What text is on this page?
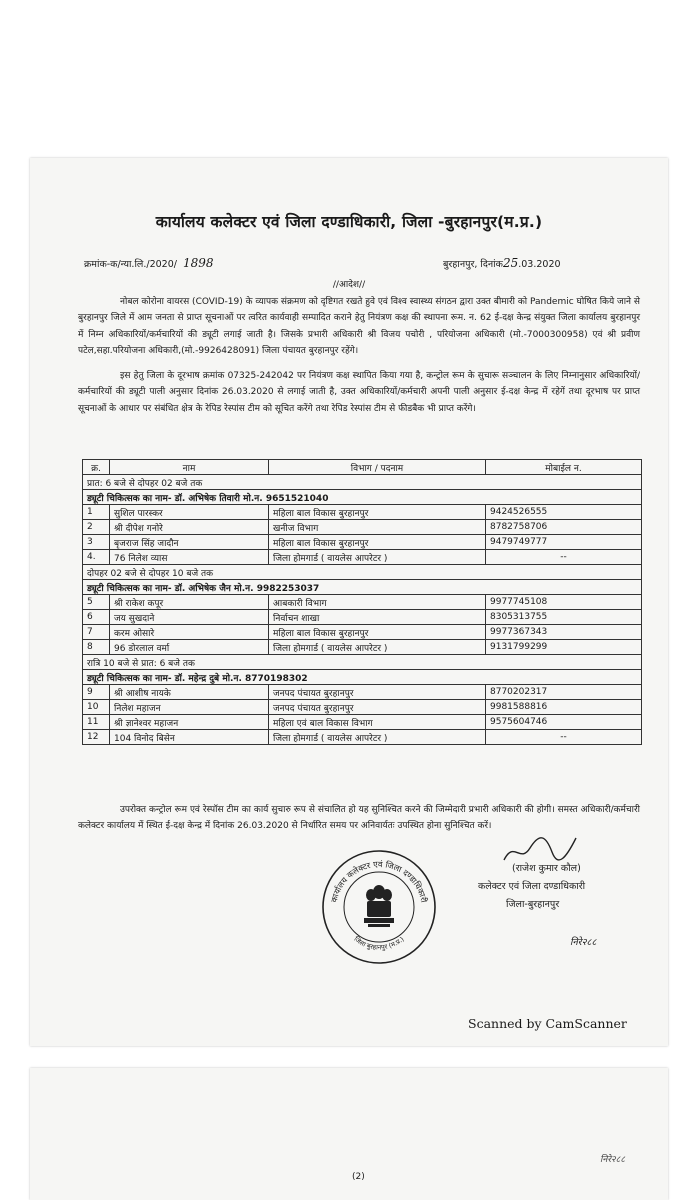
कार्यालय कलेक्टर एवं जिला दण्डाधिकारी, जिला -बुरहानपुर(म.प्र.)
क्रमांक-क/न्या.लि./2020/ 1898	बुरहानपुर, दिनांक25.03.2020
//आदेश//
नोबल कोरोना वायरस (COVID-19) के व्यापक संक्रमण को दृष्टिगत रखते हुवे एवं विश्व स्वास्थ्य संगठन द्वारा उक्त बीमारी को Pandemic घोषित किये जाने से बुरहानपुर जिले में आम जनता से प्राप्त सूचनाओं पर त्वरित कार्यवाही सम्पादित कराने हेतु नियंत्रण कक्ष की स्थापना रूम. न. 62 ई-दक्ष केन्द्र संयुक्त जिला कार्यालय बुरहानपुर में निम्न अधिकारियों/कर्मचारियों की ड्यूटी लगाई जाती है। जिसके प्रभारी अधिकारी श्री विजय पचोरी , परियोजना अधिकारी (मो.-7000300958) एवं श्री प्रवीण पटेल,सहा.परियोजना अधिकारी,(मो.-9926428091) जिला पंचायत बुरहानपुर रहेंगे।
इस हेतु जिला के दूरभाष क्रमांक 07325-242042 पर नियंत्रण कक्ष स्थापित किया गया है, कन्ट्रोल रूम के सुचारू सञ्चालन के लिए निम्नानुसार अधिकारियों/कर्मचारियों की ड्यूटी पाली अनुसार दिनांक 26.03.2020 से लगाई जाती है, उक्त अधिकारियों/कर्मचारी अपनी पाली अनुसार ई-दक्ष केन्द्र में रहेगें तथा दूरभाष पर प्राप्त सूचनाओं के आधार पर संबंधित क्षेत्र के रेपिड रेस्पांस टीम को सूचित करेंगे तथा रेपिड रेस्पांस टीम से फीडबैक भी प्राप्त करेंगे।
क्र.	नाम	विभाग / पदनाम	मोबाईल न.
प्रात: 6 बजे से दोपहर 02 बजे तक			
ड्यूटी चिकित्सक का नाम- डॉ. अभिषेक तिवारी मो.न. 9651521040			
1	सुशिल पारस्कर	महिला बाल विकास बुरहानपुर	9424526555
2	श्री दीपेश गनोरे	खनीज विभाग	8782758706
3	बृजराज सिंह जादौन	महिला बाल विकास बुरहानपुर	9479749777
4.	76 निलेश व्यास	जिला होमगार्ड ( वायलेस आपरेटर )	--
दोपहर 02 बजे से दोपहर 10 बजे तक			
ड्यूटी चिकित्सक का नाम- डॉ. अभिषेक जैन मो.न. 9982253037			
5	श्री राकेश कपूर	आबकारी विभाग	9977745108
6	जय सुखदाने	निर्वाचन शाखा	8305313755
7	करम ओसारे	महिला बाल विकास बुरहानपुर	9977367343
8	96 डोरलाल वर्मा	जिला होमगार्ड ( वायलेस आपरेटर )	9131799299
रात्रि 10 बजे से प्रात: 6 बजे तक			
ड्यूटी चिकित्सक का नाम- डॉ. महेन्द्र दुबे मो.न. 8770198302			
9	श्री आशीष नायके	जनपद पंचायत बुरहानपुर	8770202317
10	निलेश महाजन	जनपद पंचायत बुरहानपुर	9981588816
11	श्री ज्ञानेश्वर महाजन	महिला एवं बाल विकास विभाग	9575604746
12	104 विनोद बिसेन	जिला होमगार्ड ( वायलेस आपरेटर )	--
उपरोक्त कन्ट्रोल रूम एवं रेस्पॉस टीम का कार्य सुचारु रूप से संचालित हो यह सुनिश्चित करने की जिम्मेदारी प्रभारी अधिकारी की होगी। समस्त अधिकारी/कर्मचारी कलेक्टर कार्यालय में स्थित ई-दक्ष केन्द्र में दिनांक 26.03.2020 से निर्धारित समय पर अनिवार्यतः उपस्थित होना सुनिश्चित करें।
कार्यालय कलेक्टर एवं जिला दण्डाधिकारी
जिला बुरहानपुर (म.प्र.)
(राजेश कुमार कौल)
कलेक्टर एवं जिला दण्डाधिकारी
जिला-बुरहानपुर
निरे२८८
Scanned by CamScanner
निरे२८८
(2)
